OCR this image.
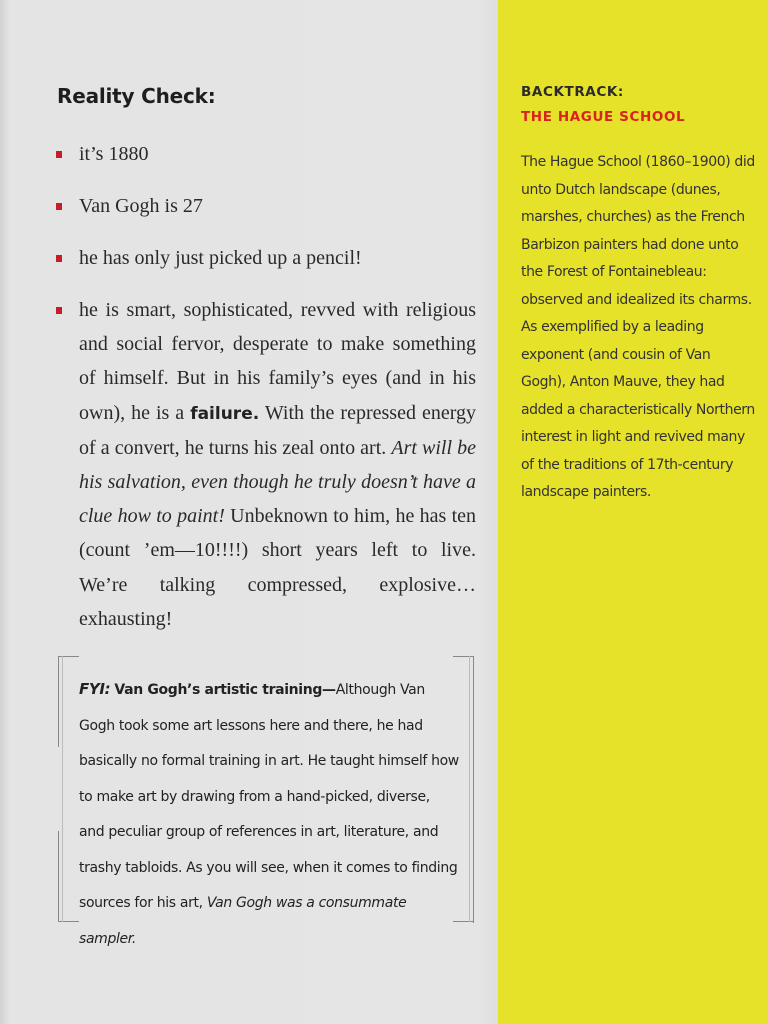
Reality Check:
it’s 1880
Van Gogh is 27
he has only just picked up a pencil!
he is smart, sophisticated, revved with religious and social fervor, desperate to make something of himself. But in his family’s eyes (and in his own), he is a failure. With the repressed energy of a convert, he turns his zeal onto art. Art will be his salvation, even though he truly doesn’t have a clue how to paint! Unbeknown to him, he has ten (count ’em—10!!!!) short years left to live. We’re talking compressed, explosive…exhausting!
FYI: Van Gogh’s artistic training—Although Van Gogh took some art lessons here and there, he had basically no formal training in art. He taught himself how to make art by drawing from a hand-picked, diverse, and peculiar group of references in art, literature, and trashy tabloids. As you will see, when it comes to finding sources for his art, Van Gogh was a consummate sampler.

BACKTRACK:

THE HAGUE SCHOOL

The Hague School (1860–1900) did unto Dutch landscape (dunes, marshes, churches) as the French Barbizon painters had done unto the Forest of Fontainebleau: observed and idealized its charms. As exemplified by a leading exponent (and cousin of Van Gogh), Anton Mauve, they had added a characteristically Northern interest in light and revived many of the traditions of 17th-century landscape painters.
